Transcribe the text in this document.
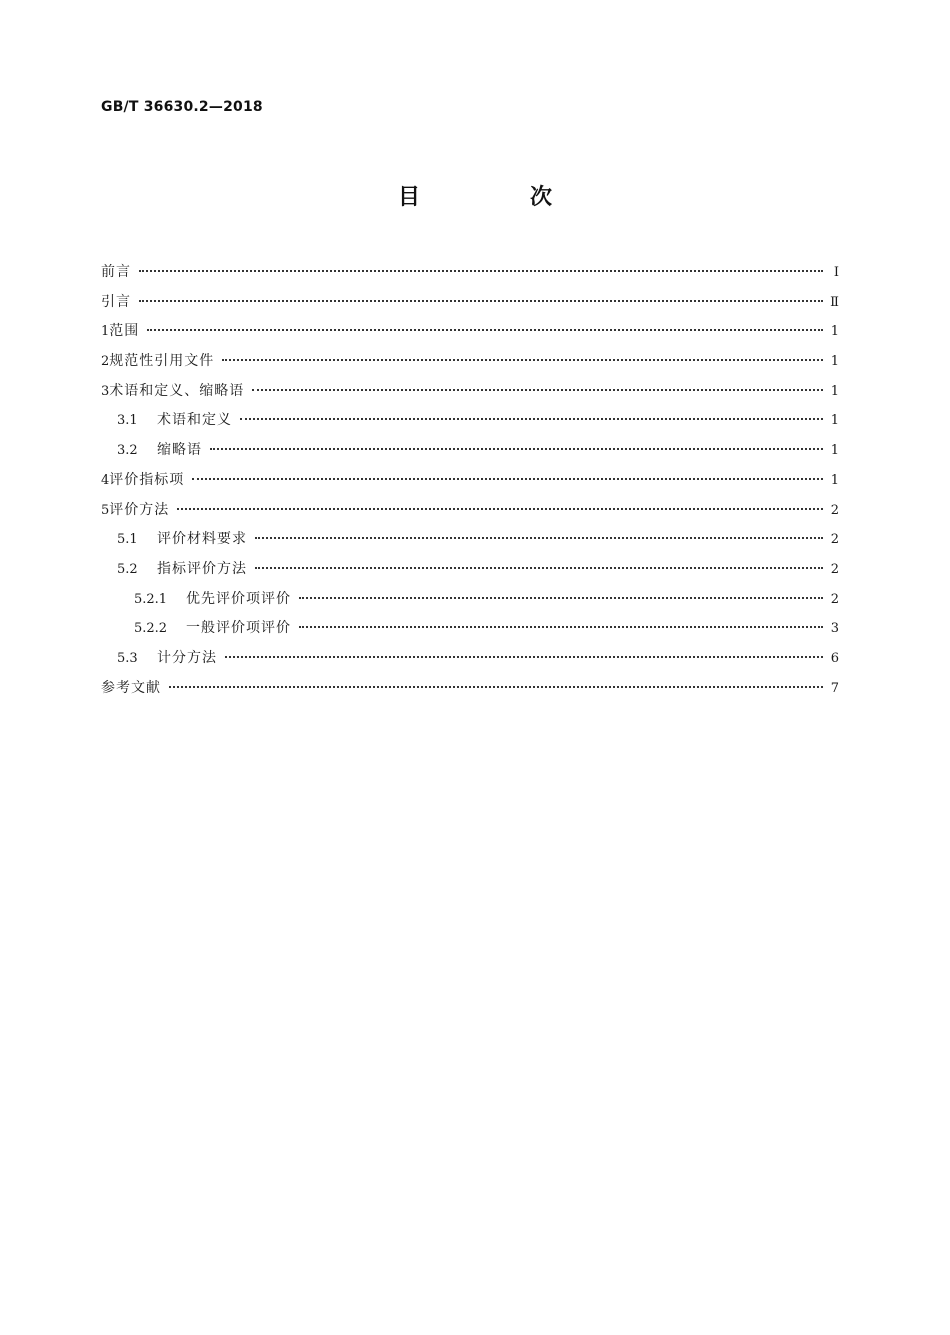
GB/T 36630.2—2018
目　次
前言	Ⅰ
引言	Ⅱ
1 范围	1
2 规范性引用文件	1
3 术语和定义、缩略语	1
3.1	术语和定义	1
3.2	缩略语	1
4 评价指标项	1
5 评价方法	2
5.1	评价材料要求	2
5.2	指标评价方法	2
5.2.1	优先评价项评价	2
5.2.2	一般评价项评价	3
5.3	计分方法	6
参考文献	7
